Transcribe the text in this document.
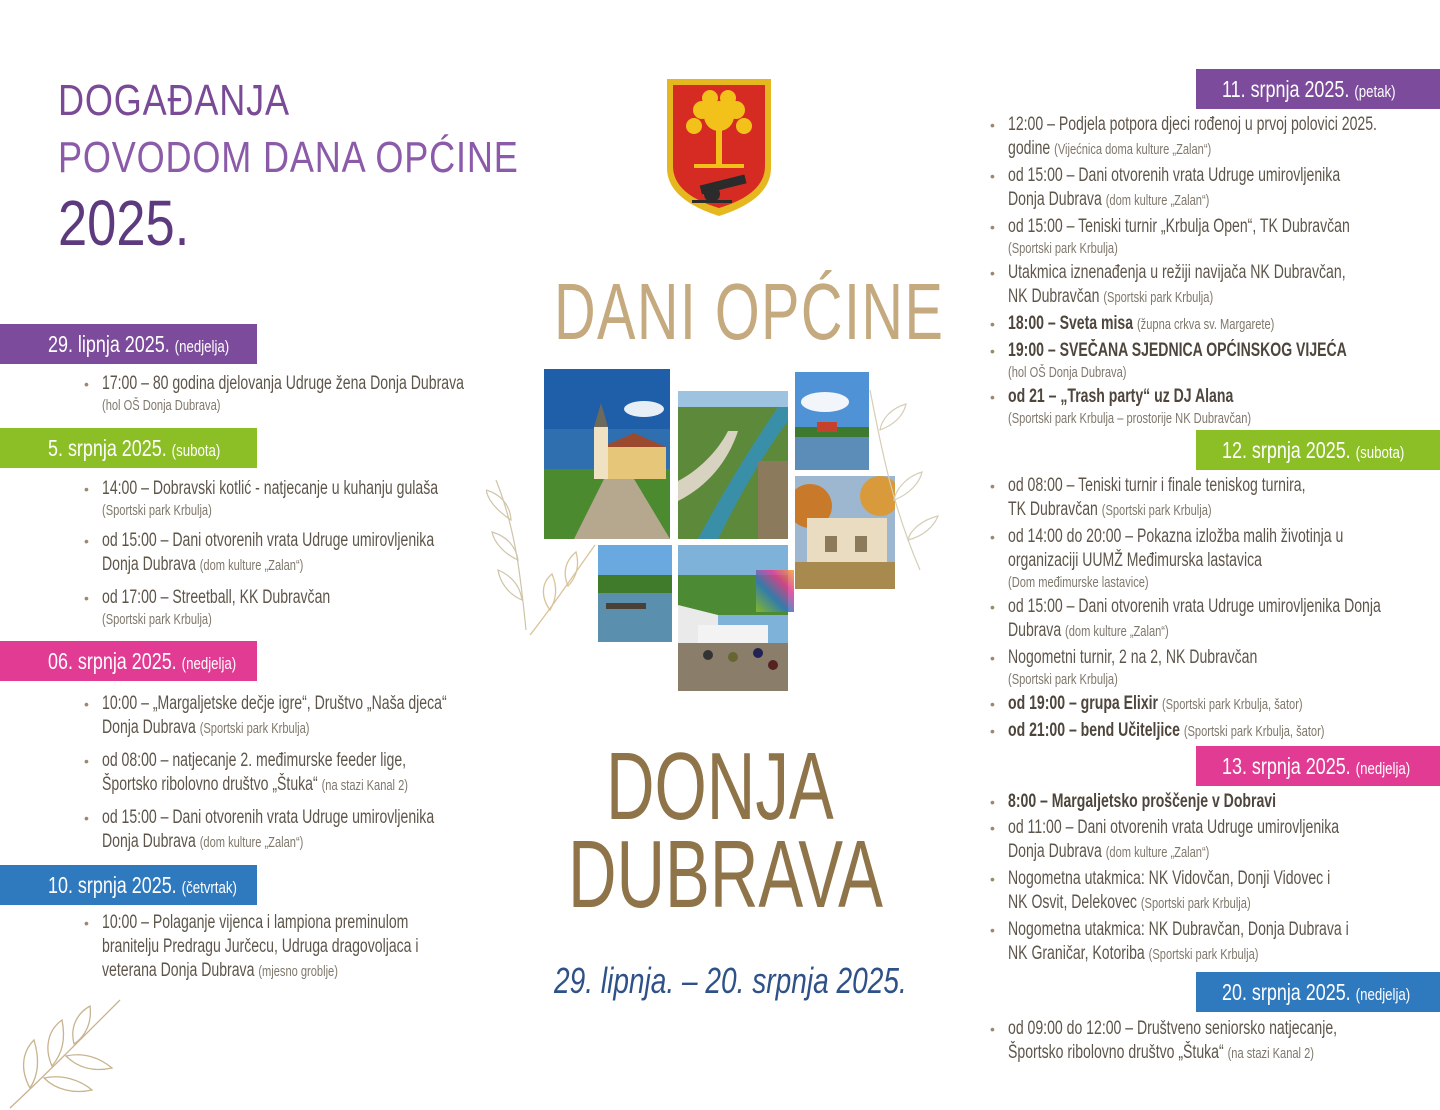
DOGAĐANJA
POVODOM DANA OPĆINE
2025.
29. lipnja 2025. (nedjelja)
• 17:00 – 80 godina djelovanja Udruge žena Donja Dubrava
(hol OŠ Donja Dubrava)
5. srpnja 2025. (subota)
• 14:00 – Dobravski kotlić - natjecanje u kuhanju gulaša
(Sportski park Krbulja)
• od 15:00 – Dani otvorenih vrata Udruge umirovljenika
Donja Dubrava (dom kulture „Zalan“)
• od 17:00 – Streetball, KK Dubravčan
(Sportski park Krbulja)
06. srpnja 2025. (nedjelja)
• 10:00 – „Margaljetske dečje igre“, Društvo „Naša djeca“
Donja Dubrava (Sportski park Krbulja)
• od 08:00 – natjecanje 2. međimurske feeder lige,
Športsko ribolovno društvo „Štuka“ (na stazi Kanal 2)
• od 15:00 – Dani otvorenih vrata Udruge umirovljenika
Donja Dubrava (dom kulture „Zalan“)
10. srpnja 2025. (četvrtak)
• 10:00 – Polaganje vijenca i lampiona preminulom
branitelju Predragu Jurčecu, Udruga dragovoljaca i
veterana Donja Dubrava (mjesno groblje)
DANI OPĆINE
DONJA
DUBRAVA
29. lipnja. – 20. srpnja 2025.
11. srpnja 2025. (petak)
• 12:00 – Podjela potpora djeci rođenoj u prvoj polovici 2025.
godine (Vijećnica doma kulture „Zalan“)
• od 15:00 – Dani otvorenih vrata Udruge umirovljenika
Donja Dubrava (dom kulture „Zalan“)
• od 15:00 – Teniski turnir „Krbulja Open“, TK Dubravčan
(Sportski park Krbulja)
• Utakmica iznenađenja u režiji navijača NK Dubravčan,
NK Dubravčan (Sportski park Krbulja)
• 18:00 – Sveta misa (župna crkva sv. Margarete)
• 19:00 – SVEČANA SJEDNICA OPĆINSKOG VIJEĆA
(hol OŠ Donja Dubrava)
• od 21 – „Trash party“ uz DJ Alana
(Sportski park Krbulja – prostorije NK Dubravčan)
12. srpnja 2025. (subota)
• od 08:00 – Teniski turnir i finale teniskog turnira,
TK Dubravčan (Sportski park Krbulja)
• od 14:00 do 20:00 – Pokazna izložba malih životinja u
organizaciji UUMŽ Međimurska lastavica
(Dom međimurske lastavice)
• od 15:00 – Dani otvorenih vrata Udruge umirovljenika Donja
Dubrava (dom kulture „Zalan“)
• Nogometni turnir, 2 na 2, NK Dubravčan
(Sportski park Krbulja)
• od 19:00 – grupa Elixir (Sportski park Krbulja, šator)
• od 21:00 – bend Učiteljice (Sportski park Krbulja, šator)
13. srpnja 2025. (nedjelja)
• 8:00 – Margaljetsko proščenje v Dobravi
• od 11:00 – Dani otvorenih vrata Udruge umirovljenika
Donja Dubrava (dom kulture „Zalan“)
• Nogometna utakmica: NK Vidovčan, Donji Vidovec i
NK Osvit, Delekovec (Sportski park Krbulja)
• Nogometna utakmica: NK Dubravčan, Donja Dubrava i
NK Graničar, Kotoriba (Sportski park Krbulja)
20. srpnja 2025. (nedjelja)
• od 09:00 do 12:00 – Društveno seniorsko natjecanje,
Športsko ribolovno društvo „Štuka“ (na stazi Kanal 2)
